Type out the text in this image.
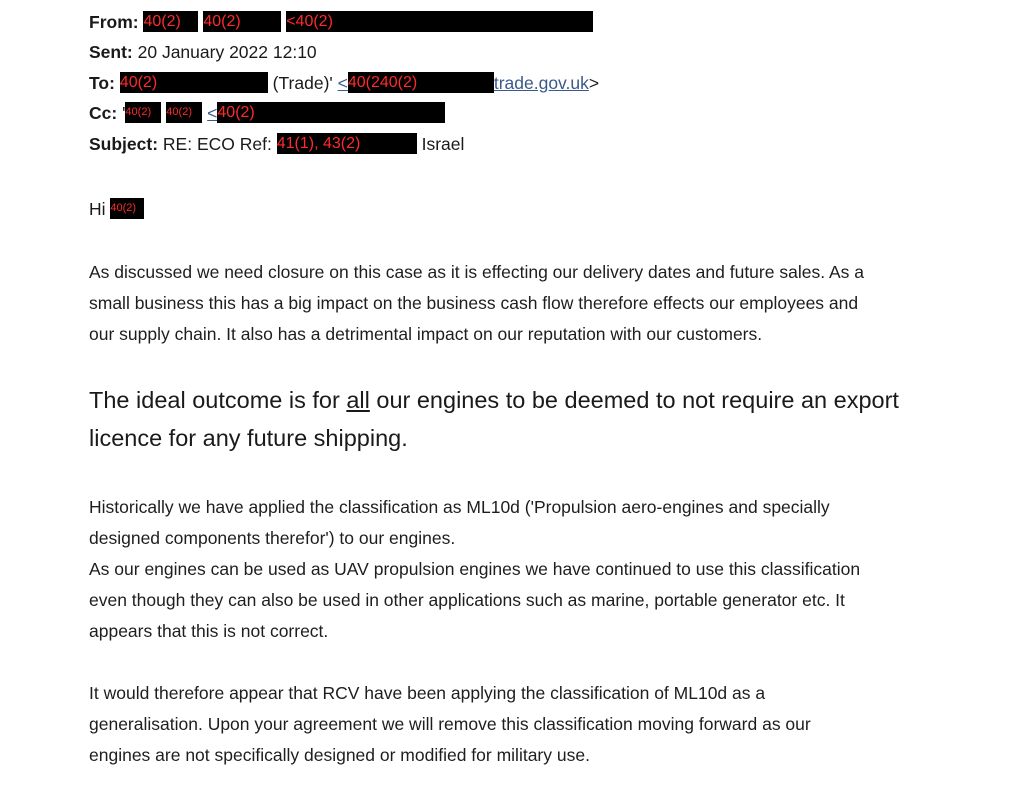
From: 40(2) 40(2)	<40(2)
Sent: 20 January 2022 12:10
To: 40(2)	(Trade)' <40(240(2)	trade.gov.uk>
Cc: '40(2) 40(2) <40(2)
Subject: RE: ECO Ref: 41(1), 43(2)	Israel
Hi 40(2)
As discussed we need closure on this case as it is effecting our delivery dates and future sales. As a
small business this has a big impact on the business cash flow therefore effects our employees and
our supply chain. It also has a detrimental impact on our reputation with our customers.
The ideal outcome is for all our engines to be deemed to not require an export
licence for any future shipping.
Historically we have applied the classification as ML10d ('Propulsion aero-engines and specially
designed components therefor') to our engines.
As our engines can be used as UAV propulsion engines we have continued to use this classification
even though they can also be used in other applications such as marine, portable generator etc. It
appears that this is not correct.
It would therefore appear that RCV have been applying the classification of ML10d as a
generalisation. Upon your agreement we will remove this classification moving forward as our
engines are not specifically designed or modified for military use.
